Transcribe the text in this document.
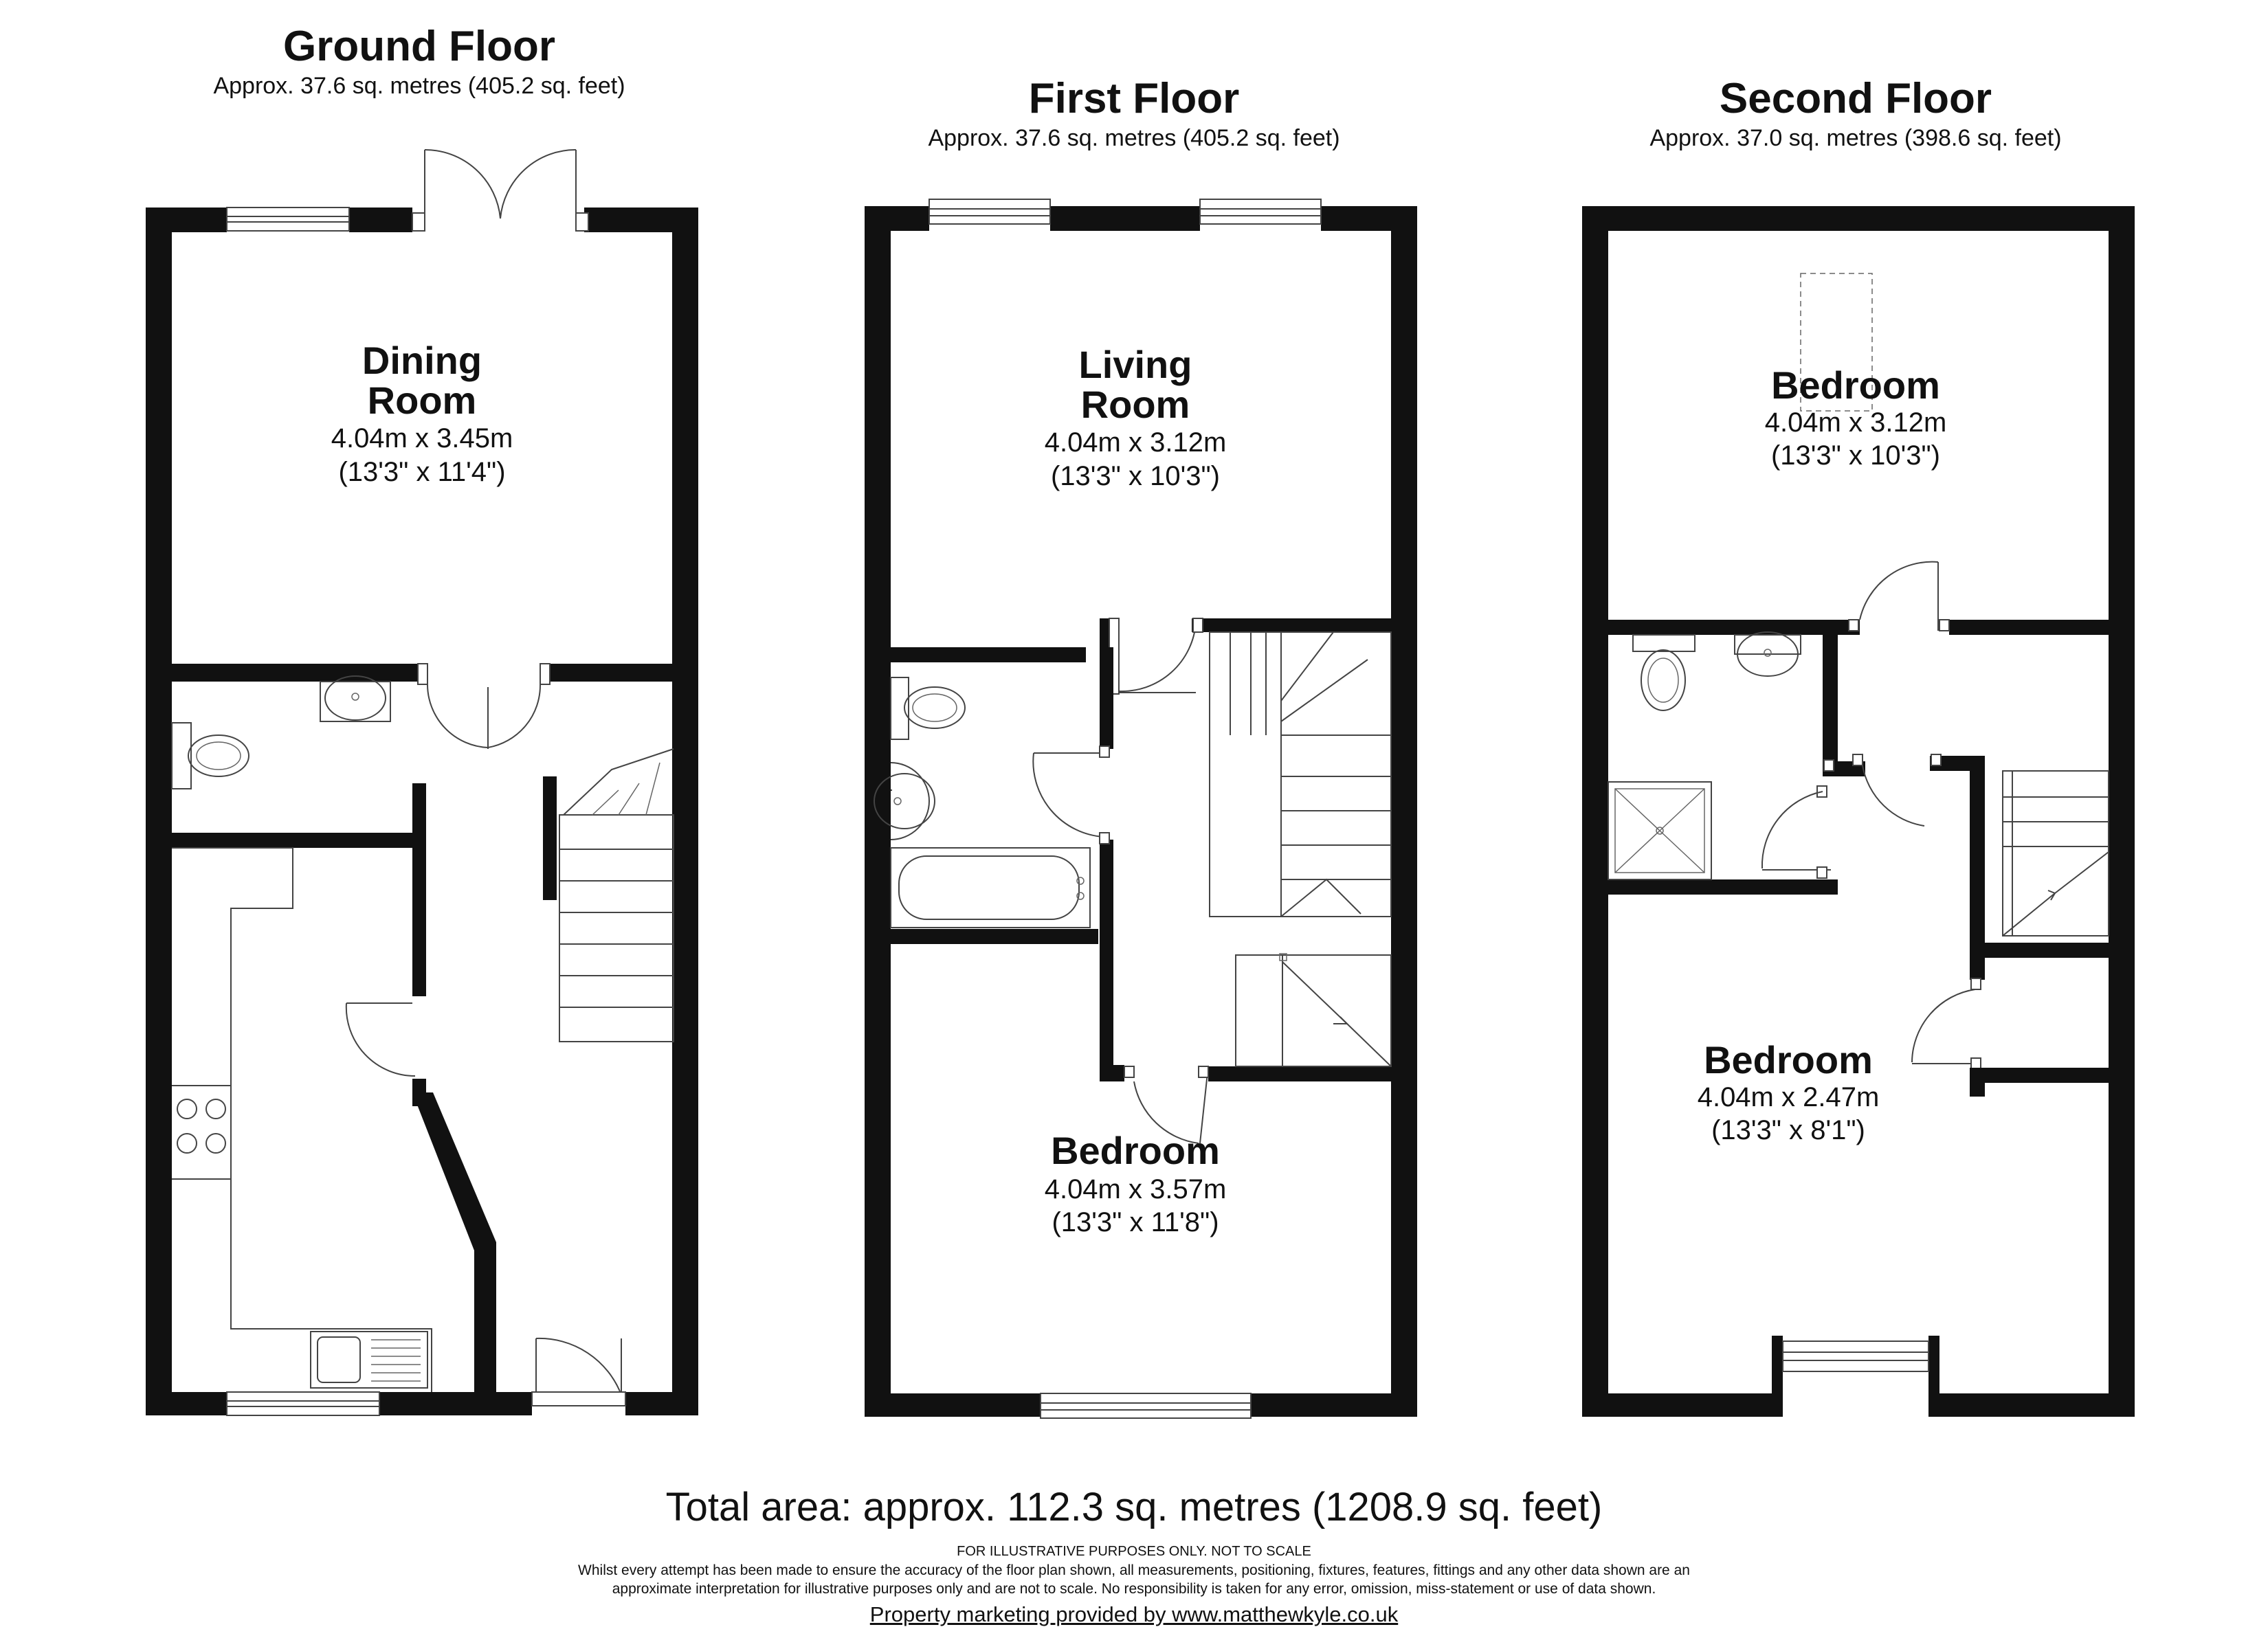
Ground Floor
Approx. 37.6 sq. metres (405.2 sq. feet)	First Floor
Approx. 37.6 sq. metres (405.2 sq. feet)
Second Floor
Approx. 37.0 sq. metres (398.6 sq. feet)
Dining
Room
4.04m x 3.45m
(13'3" x 11'4")
Living
Room
4.04m x 3.12m
(13'3" x 10'3")
Bedroom
4.04m x 3.57m
(13'3" x 11'8")
Bedroom
4.04m x 3.12m
(13'3" x 10'3")
Bedroom
4.04m x 2.47m
(13'3" x 8'1")
Total area: approx. 112.3 sq. metres (1208.9 sq. feet)
FOR ILLUSTRATIVE PURPOSES ONLY. NOT TO SCALE
Whilst every attempt has been made to ensure the accuracy of the floor plan shown, all measurements, positioning, fixtures, features, fittings and any other data shown are an
approximate interpretation for illustrative purposes only and are not to scale. No responsibility is taken for any error, omission, miss-statement or use of data shown.
Property marketing provided by www.matthewkyle.co.uk
